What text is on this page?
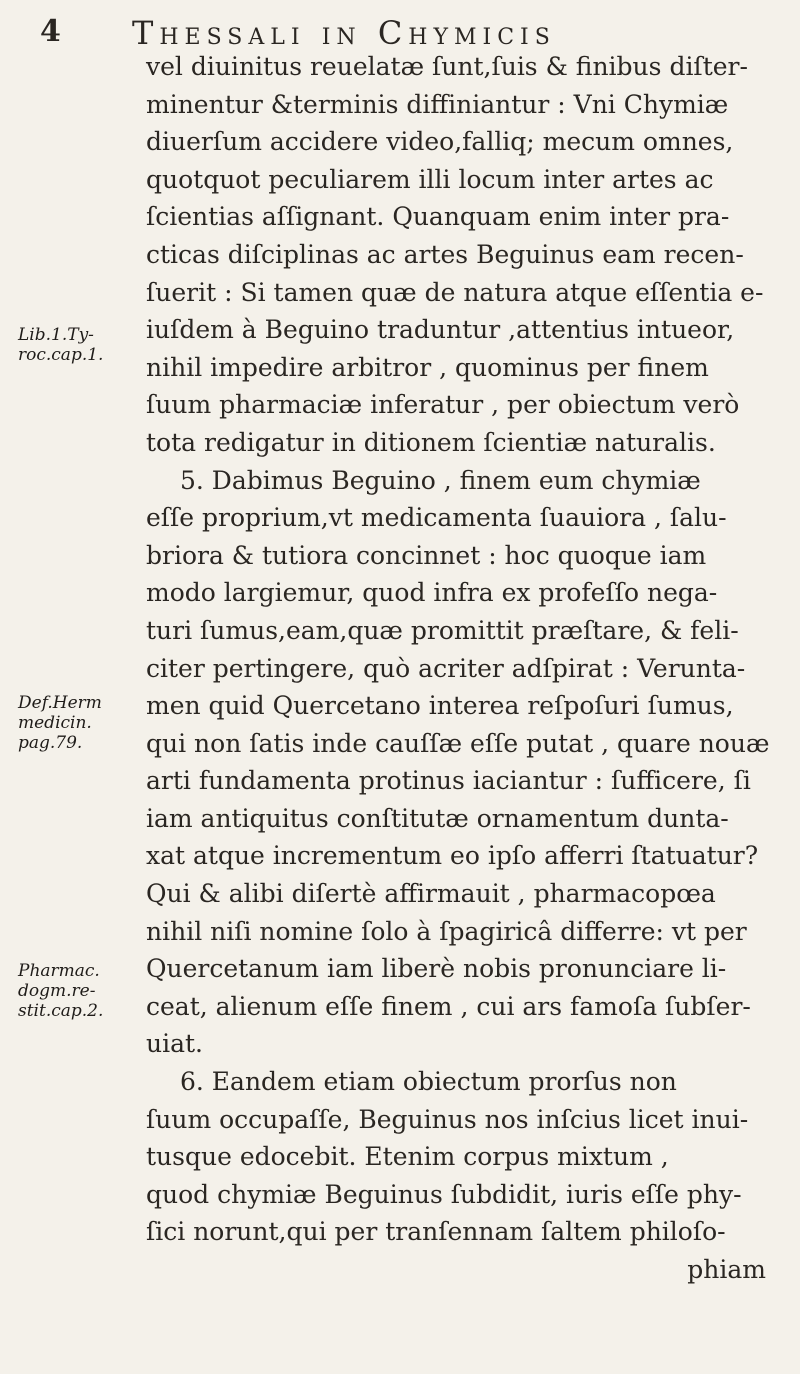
4 Thessali in Chymicis
Lib.1.Ty-
roc.cap.1.
Def.Herm
medicin.
pag.79.
Pharmac.
dogm.re-
stit.cap.2.
vel diuinitus reuelatæ ſunt,ſuis & finibus diſter-
minentur &terminis diffiniantur : Vni Chymiæ
diuerſum accidere video,falliq; mecum omnes,
quotquot peculiarem illi locum inter artes ac
ſcientias aſſignant. Quanquam enim inter pra-
cticas diſciplinas ac artes Beguinus eam recen-
ſuerit : Si tamen quæ de natura atque eſſentia e-
iuſdem à Beguino traduntur ,attentius intueor,
nihil impedire arbitror , quominus per finem
ſuum pharmaciæ inferatur , per obiectum verò
tota redigatur in ditionem ſcientiæ naturalis.
5. Dabimus Beguino , finem eum chymiæ
eſſe proprium,vt medicamenta ſuauiora , ſalu-
briora & tutiora concinnet : hoc quoque iam
modo largiemur, quod infra ex profeſſo nega-
turi ſumus,eam,quæ promittit præſtare, & feli-
citer pertingere, quò acriter adſpirat : Verunta-
men quid Quercetano interea reſpoſuri ſumus,
qui non ſatis inde cauſſæ eſſe putat , quare nouæ
arti fundamenta protinus iaciantur : ſufficere, ſi
iam antiquitus conſtitutæ ornamentum dunta-
xat atque incrementum eo ipſo afferri ſtatuatur?
Qui & alibi diſertè affirmauit , pharmacopœa
nihil niſi nomine ſolo à ſpagiricâ differre: vt per
Quercetanum iam liberè nobis pronunciare li-
ceat, alienum eſſe finem , cui ars famoſa ſubſer-
uiat.
6. Eandem etiam obiectum prorſus non
ſuum occupaſſe, Beguinus nos inſcius licet inui-
tusque edocebit. Etenim corpus mixtum ,
quod chymiæ Beguinus ſubdidit, iuris eſſe phy-
ſici norunt,qui per tranſennam ſaltem philoſo-
phiam
